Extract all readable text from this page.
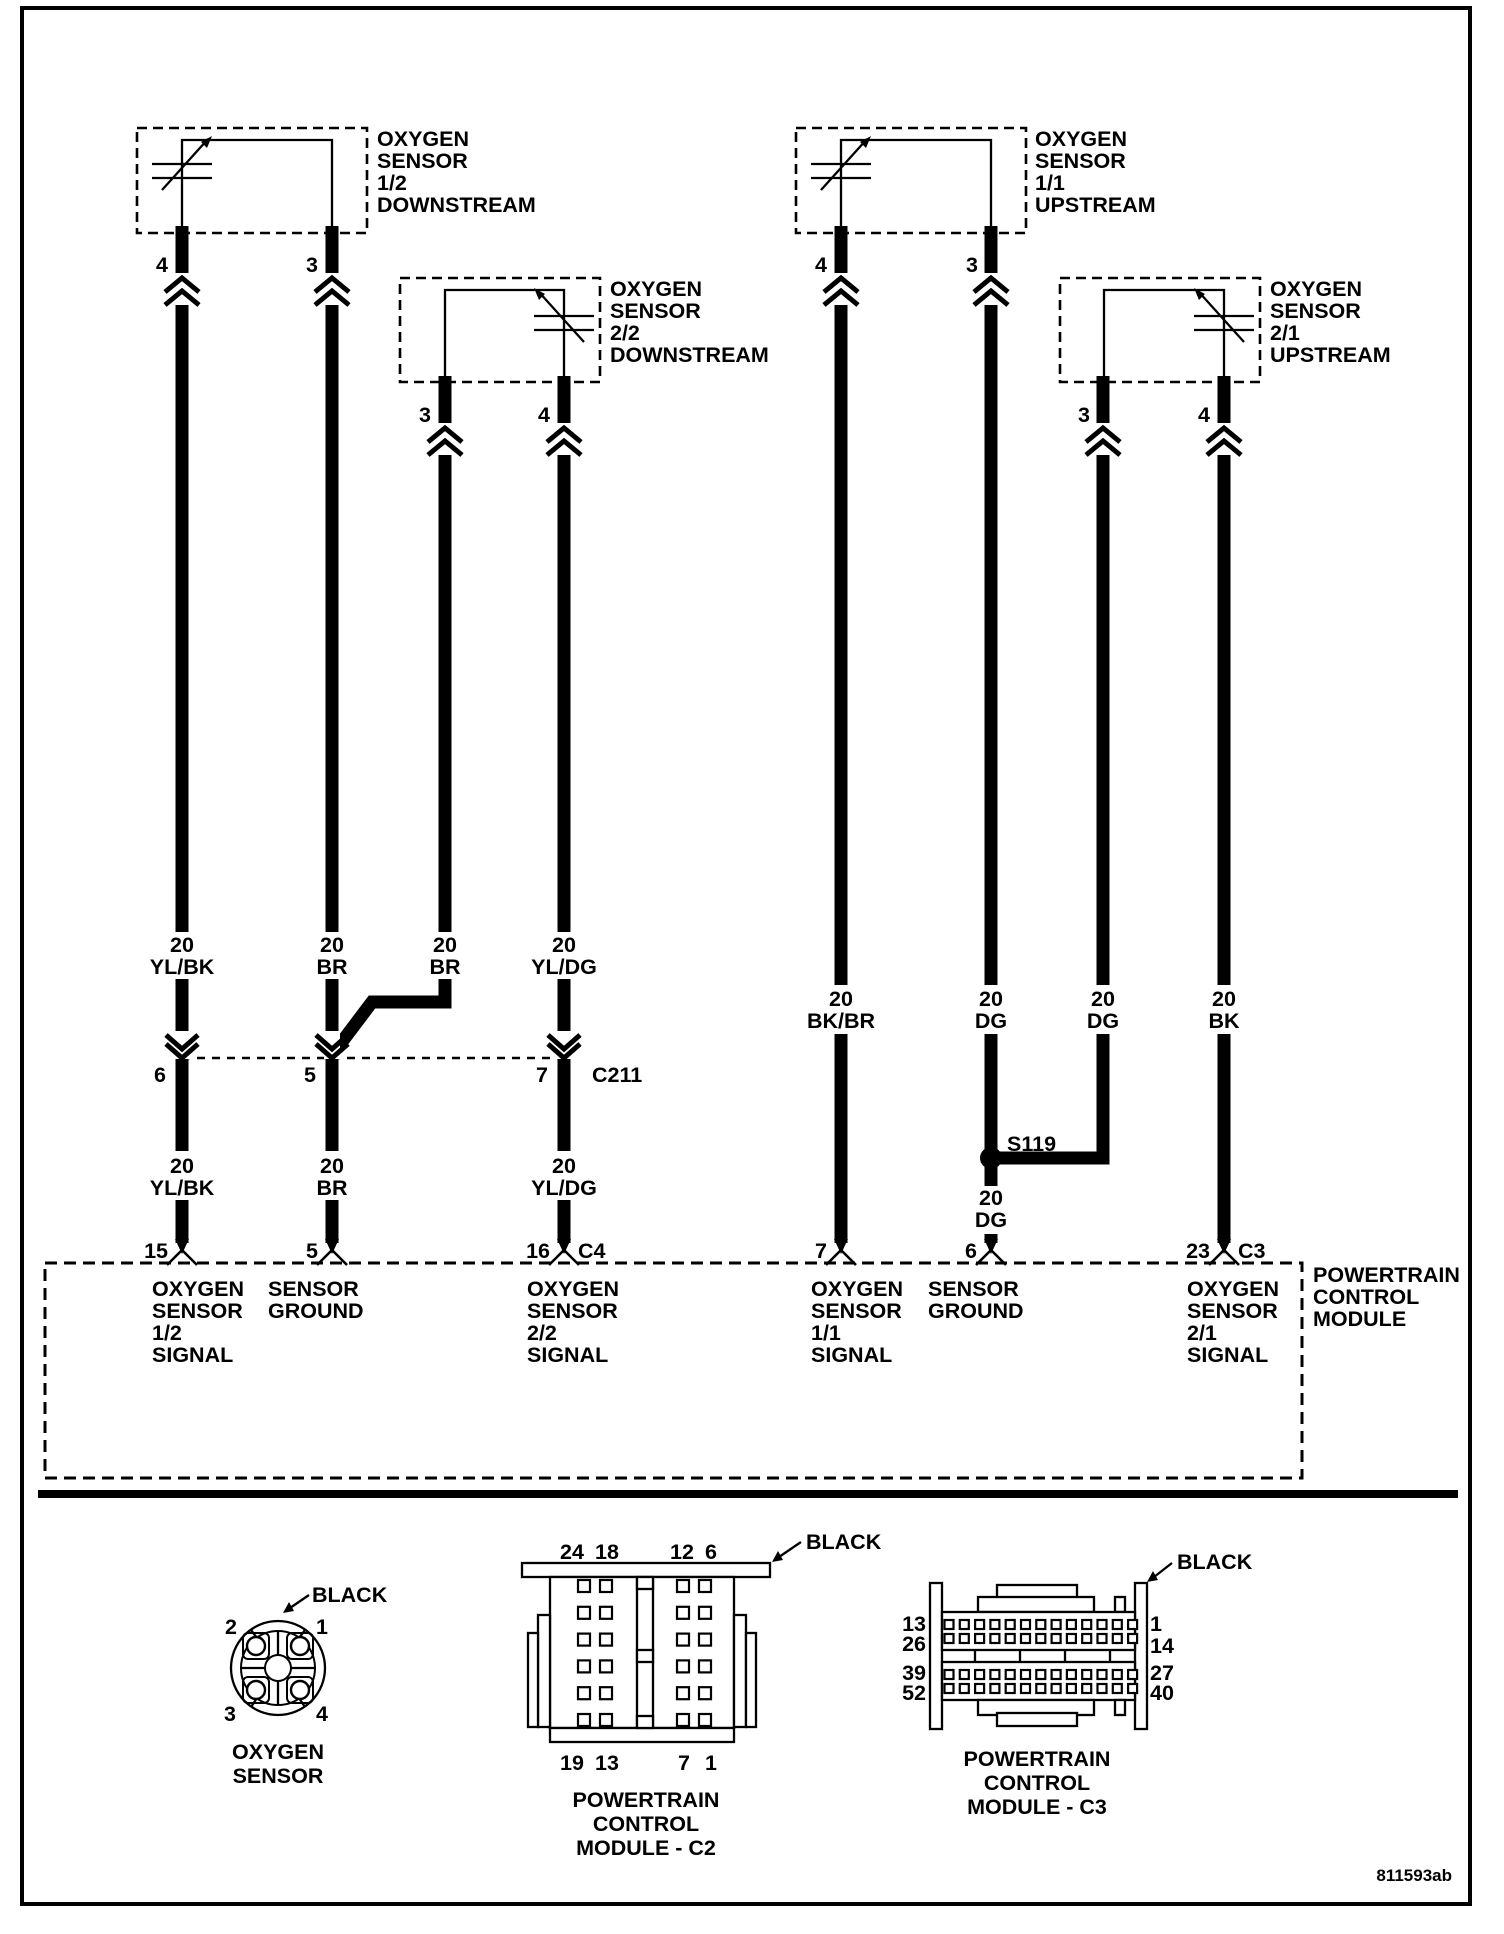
OXYGEN
SENSOR
1/2
DOWNSTREAM
4	3
OXYGEN
SENSOR
2/2
DOWNSTREAM
3	4
OXYGEN
SENSOR
1/1
UPSTREAM
4	3
OXYGEN
SENSOR
2/1
UPSTREAM
3	4
20
YL/BK
20
BR
20
BR
20
YL/DG
20
BK/BR
20
DG
20
DG
20
BK
20
YL/BK
20
BR
20
YL/DG	20
DG
6	5	7 C211
S119
15	5	16 C4	7	6	23 C3
OXYGEN
SENSOR
1/2
SIGNAL
SENSOR
GROUND
OXYGEN
SENSOR
2/2
SIGNAL
OXYGEN
SENSOR
1/1
SIGNAL
SENSOR
GROUND
OXYGEN
SENSOR
2/1
SIGNAL
POWERTRAIN
CONTROL
MODULE
2	1
3	4
BLACK
OXYGEN
SENSOR
24 18 12 6
19 13	7 1
BLACK
POWERTRAIN
CONTROL
MODULE - C2
13
26
39
52
1
14
27
40
BLACK
POWERTRAIN
CONTROL
MODULE - C3
811593ab
